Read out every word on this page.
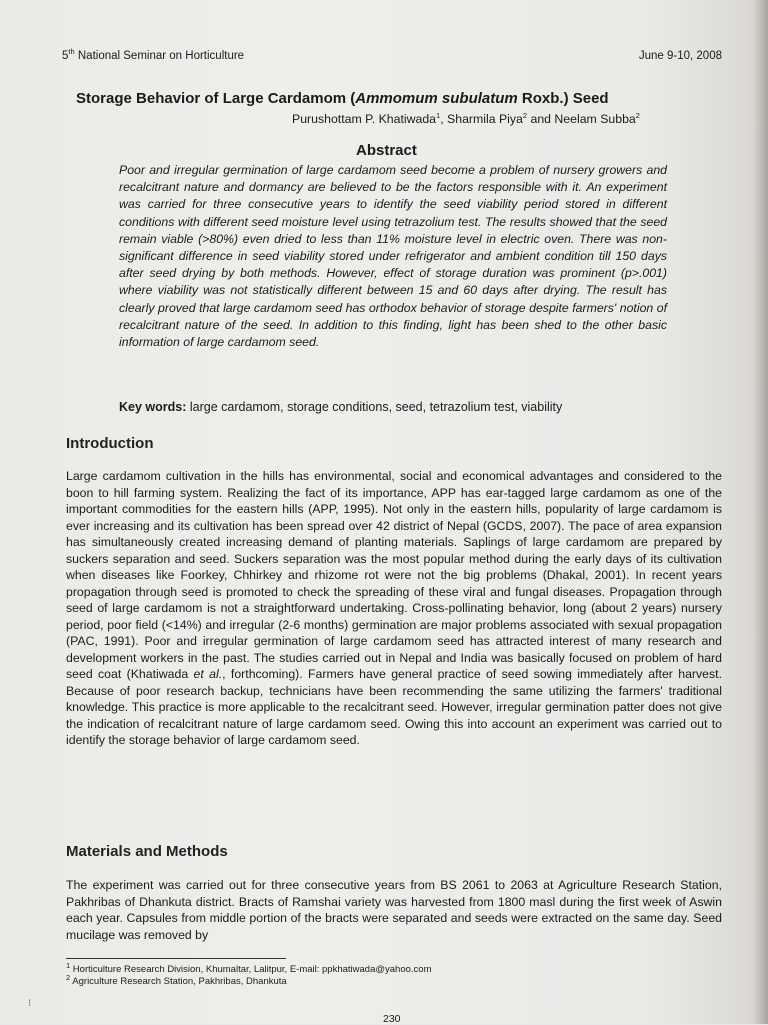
5th National Seminar on Horticulture	June 9-10, 2008
Storage Behavior of Large Cardamom (Ammomum subulatum Roxb.) Seed
Purushottam P. Khatiwada$^1$, Sharmila Piya$^2$ and Neelam Subba$^2$
Abstract
Poor and irregular germination of large cardamom seed become a problem of nursery growers and recalcitrant nature and dormancy are believed to be the factors responsible with it. An experiment was carried for three consecutive years to identify the seed viability period stored in different conditions with different seed moisture level using tetrazolium test. The results showed that the seed remain viable (>80%) even dried to less than 11% moisture level in electric oven. There was non-significant difference in seed viability stored under refrigerator and ambient condition till 150 days after seed drying by both methods. However, effect of storage duration was prominent (p>.001) where viability was not statistically different between 15 and 60 days after drying. The result has clearly proved that large cardamom seed has orthodox behavior of storage despite farmers' notion of recalcitrant nature of the seed. In addition to this finding, light has been shed to the other basic information of large cardamom seed.
Key words: large cardamom, storage conditions, seed, tetrazolium test, viability
Introduction
Large cardamom cultivation in the hills has environmental, social and economical advantages and considered to the boon to hill farming system. Realizing the fact of its importance, APP has ear-tagged large cardamom as one of the important commodities for the eastern hills (APP, 1995). Not only in the eastern hills, popularity of large cardamom is ever increasing and its cultivation has been spread over 42 district of Nepal (GCDS, 2007). The pace of area expansion has simultaneously created increasing demand of planting materials. Saplings of large cardamom are prepared by suckers separation and seed. Suckers separation was the most popular method during the early days of its cultivation when diseases like Foorkey, Chhirkey and rhizome rot were not the big problems (Dhakal, 2001). In recent years propagation through seed is promoted to check the spreading of these viral and fungal diseases. Propagation through seed of large cardamom is not a straightforward undertaking. Cross-pollinating behavior, long (about 2 years) nursery period, poor field (<14%) and irregular (2-6 months) germination are major problems associated with sexual propagation (PAC, 1991). Poor and irregular germination of large cardamom seed has attracted interest of many research and development workers in the past. The studies carried out in Nepal and India was basically focused on problem of hard seed coat (Khatiwada et al., forthcoming). Farmers have general practice of seed sowing immediately after harvest. Because of poor research backup, technicians have been recommending the same utilizing the farmers' traditional knowledge. This practice is more applicable to the recalcitrant seed. However, irregular germination patter does not give the indication of recalcitrant nature of large cardamom seed. Owing this into account an experiment was carried out to identify the storage behavior of large cardamom seed.
Materials and Methods
The experiment was carried out for three consecutive years from BS 2061 to 2063 at Agriculture Research Station, Pakhribas of Dhankuta district. Bracts of Ramshai variety was harvested from 1800 masl during the first week of Aswin each year. Capsules from middle portion of the bracts were separated and seeds were extracted on the same day. Seed mucilage was removed by
$^1$ Horticulture Research Division, Khumaltar, Lalitpur, E-mail: ppkhatiwada@yahoo.com
$^2$ Agriculture Research Station, Pakhribas, Dhankuta
⁝
230
